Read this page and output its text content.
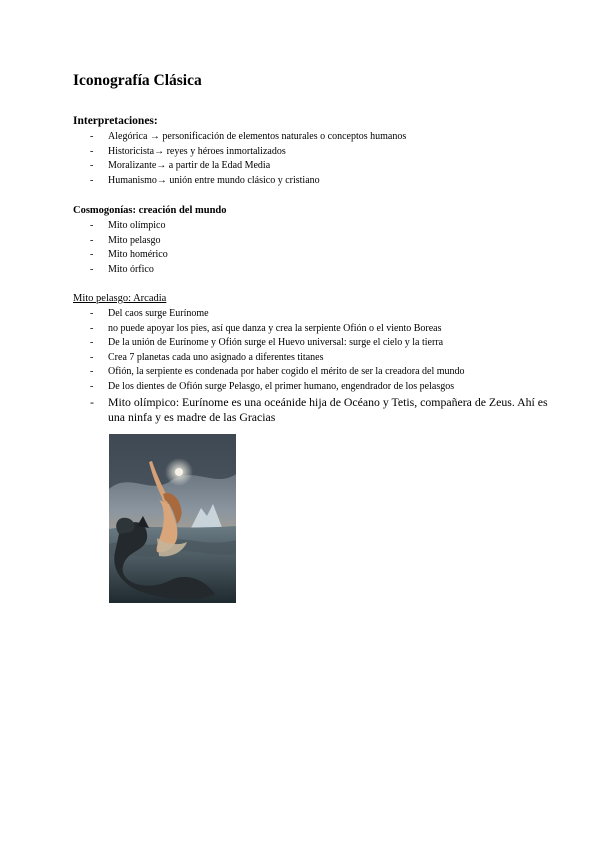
Iconografía Clásica

Interpretaciones:

- Alegórica → personificación de elementos naturales o conceptos humanos
- Historicista→ reyes y héroes inmortalizados
- Moralizante→ a partir de la Edad Media
- Humanismo→ unión entre mundo clásico y cristiano

Cosmogonías: creación del mundo

- Mito olímpico
- Mito pelasgo
- Mito homérico
- Mito órfico

Mito pelasgo: Arcadia

- Del caos surge Eurínome
- no puede apoyar los pies, así que danza y crea la serpiente Ofión o el viento Boreas
- De la unión de Eurínome y Ofión surge el Huevo universal: surge el cielo y la tierra
- Crea 7 planetas cada uno asignado a diferentes titanes
- Ofión, la serpiente es condenada por haber cogido el mérito de ser la creadora del mundo
- De los dientes de Ofión surge Pelasgo, el primer humano, engendrador de los pelasgos
- Mito olímpico: Eurínome es una oceánide hija de Océano y Tetis, compañera de Zeus. Ahí es una ninfa y es madre de las Gracias
